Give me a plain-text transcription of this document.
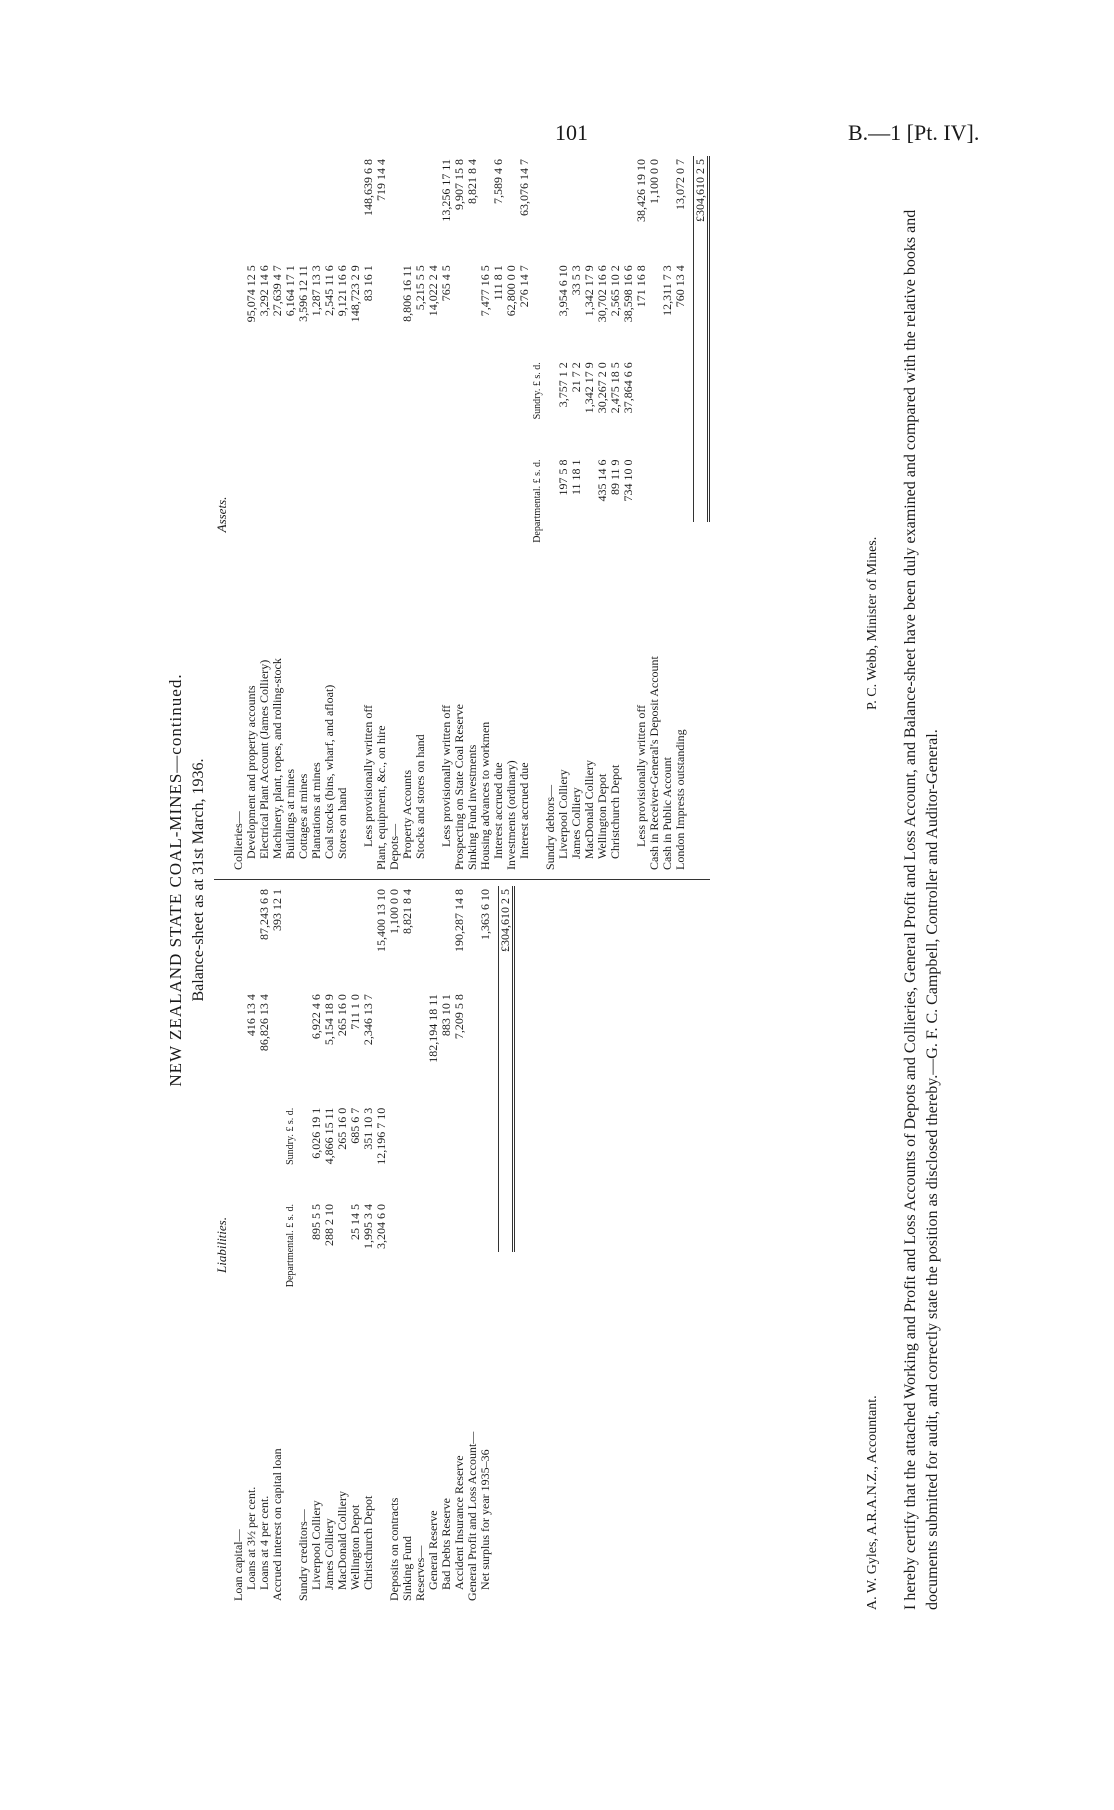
101	B.—1 [Pt. IV].
NEW ZEALAND STATE COAL-MINES—continued. Balance-sheet as at 31st March, 1936.
Liabilities.
Loan capital—				
Loans at 3½ per cent.			416 13 4	
Loans at 4 per cent.			86,826 13 4	87,243 6 8
Accrued interest on capital loan				393 12 1
	Departmental. £ s. d.	Sundry. £ s. d.		
Sundry creditors—				
Liverpool Colliery	895 5 5	6,026 19 1	6,922 4 6	
James Colliery	288 2 10	4,866 15 11	5,154 18 9	
MacDonald Colliery		265 16 0	265 16 0	
Wellington Depot	25 14 5	685 6 7	711 1 0	
Christchurch Depot	1,995 3 4	351 10 3	2,346 13 7	
	3,204 6 0	12,196 7 10		15,400 13 10
Deposits on contracts				1,100 0 0
Sinking Fund				8,821 8 4
Reserves—				
General Reserve			182,194 18 11	
Bad Debts Reserve			883 10 1	
Accident Insurance Reserve			7,209 5 8	190,287 14 8
General Profit and Loss Account—				
Net surplus for year 1935–36				1,363 6 10
				£304,610 2 5
Assets.
Collieries—				
Development and property accounts			95,074 12 5	
Electrical Plant Account (James Colliery)			3,292 14 6	
Machinery, plant, ropes, and rolling-stock			27,639 4 7	
Buildings at mines			6,164 17 1	
Cottages at mines			3,596 12 11	
Plantations at mines			1,287 13 3	
Coal stocks (bins, wharf, and afloat)			2,545 11 6	
Stores on hand			9,121 16 6	
			148,723 2 9	
Less provisionally written off			83 16 1	148,639 6 8
Plant, equipment, &c., on hire				719 14 4
Depots—				
Property Accounts			8,806 16 11	
Stocks and stores on hand			5,215 5 5	
			14,022 2 4	
Less provisionally written off			765 4 5	13,256 17 11
Prospecting on State Coal Reserve				9,907 15 8
Sinking Fund investments				8,821 8 4
Housing advances to workmen			7,477 16 5	
Interest accrued due			111 8 1	7,589 4 6
Investments (ordinary)			62,800 0 0	
Interest accrued due			276 14 7	63,076 14 7
	Departmental. £ s. d.	Sundry. £ s. d.		
Sundry debtors—				
Liverpool Colliery	197 5 8	3,757 1 2	3,954 6 10	
James Colliery	11 18 1	21 7 2	33 5 3	
MacDonald Colliery		1,342 17 9	1,342 17 9	
Wellington Depot	435 14 6	30,267 2 0	30,702 16 6	
Christchurch Depot	89 11 9	2,475 18 5	2,565 10 2	
	734 10 0	37,864 6 6	38,598 16 6	
Less provisionally written off			171 16 8	38,426 19 10
Cash in Receiver-General's Deposit Account				1,100 0 0
Cash in Public Account			12,311 7 3	
London Imprests outstanding			760 13 4	13,072 0 7
				£304,610 2 5
A. W. Gyles, A.R.A.N.Z., Accountant.
P. C. Webb, Minister of Mines. I hereby certify that the attached Working and Profit and Loss Accounts of Depots and Collieries, General Profit and Loss Account, and Balance-sheet have been duly examined and compared with the relative books and documents submitted for audit, and correctly state the position as disclosed thereby.—G. F. C. Campbell, Controller and Auditor-General.
